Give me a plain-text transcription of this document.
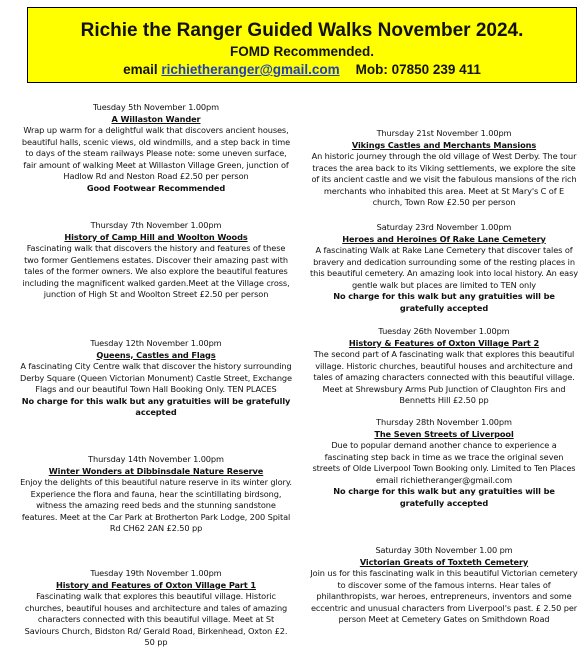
Richie the Ranger Guided Walks November 2024.
FOMD Recommended.
email richietheranger@gmail.com Mob: 07850 239 411
Tuesday 5th November 1.00pm
A Willaston Wander
Wrap up warm for a delightful walk that discovers ancient houses, beautiful halls, scenic views, old windmills, and a step back in time to days of the steam railways Please note: some uneven surface, fair amount of walking Meet at Willaston Village Green, junction of Hadlow Rd and Neston Road £2.50 per person
Good Footwear Recommended
Thursday 7th November 1.00pm
History of Camp Hill and Woolton Woods
Fascinating walk that discovers the history and features of these two former Gentlemens estates. Discover their amazing past with tales of the former owners. We also explore the beautiful features including the magnificent walked garden.Meet at the Village cross, junction of High St and Woolton Street £2.50 per person
Tuesday 12th November 1.00pm
Queens, Castles and Flags
A fascinating City Centre walk that discover the history surrounding Derby Square (Queen Victorian Monument) Castle Street, Exchange Flags and our beautiful Town Hall Booking Only. TEN PLACES
No charge for this walk but any gratuities will be gratefully accepted
Thursday 14th November 1.00pm
Winter Wonders at Dibbinsdale Nature Reserve
Enjoy the delights of this beautiful nature reserve in its winter glory. Experience the flora and fauna, hear the scintillating birdsong, witness the amazing reed beds and the stunning sandstone features. Meet at the Car Park at Brotherton Park Lodge, 200 Spital Rd CH62 2AN £2.50 pp
Tuesday 19th November 1.00pm
History and Features of Oxton Village Part 1
Fascinating walk that explores this beautiful village. Historic churches, beautiful houses and architecture and tales of amazing characters connected with this beautiful village. Meet at St Saviours Church, Bidston Rd/ Gerald Road, Birkenhead, Oxton £2. 50 pp
Thursday 21st November 1.00pm
Vikings Castles and Merchants Mansions
An historic journey through the old village of West Derby. The tour traces the area back to its Viking settlements, we explore the site of its ancient castle and we visit the fabulous mansions of the rich merchants who inhabited this area. Meet at St Mary's C of E church, Town Row £2.50 per person
Saturday 23rd November 1.00pm
Heroes and Heroines Of Rake Lane Cemetery
A fascinating Walk at Rake Lane Cemetery that discover tales of bravery and dedication surrounding some of the resting places in this beautiful cemetery. An amazing look into local history. An easy gentle walk but places are limited to TEN only
No charge for this walk but any gratuities will be gratefully accepted
Tuesday 26th November 1.00pm
History & Features of Oxton Village Part 2
The second part of A fascinating walk that explores this beautiful village. Historic churches, beautiful houses and architecture and tales of amazing characters connected with this beautiful village. Meet at Shrewsbury Arms Pub Junction of Claughton Firs and Bennetts Hill £2.50 pp
Thursday 28th November 1.00pm
The Seven Streets of Liverpool
Due to popular demand another chance to experience a fascinating step back in time as we trace the original seven streets of Olde Liverpool Town Booking only. Limited to Ten Places email richietheranger@gmail.com
No charge for this walk but any gratuities will be gratefully accepted
Saturday 30th November 1.00 pm
Victorian Greats of Toxteth Cemetery
Join us for this fascinating walk in this beautiful Victorian cemetery to discover some of the famous interns. Hear tales of philanthropists, war heroes, entrepreneurs, inventors and some eccentric and unusual characters from Liverpool's past. £ 2.50 per person Meet at Cemetery Gates on Smithdown Road
